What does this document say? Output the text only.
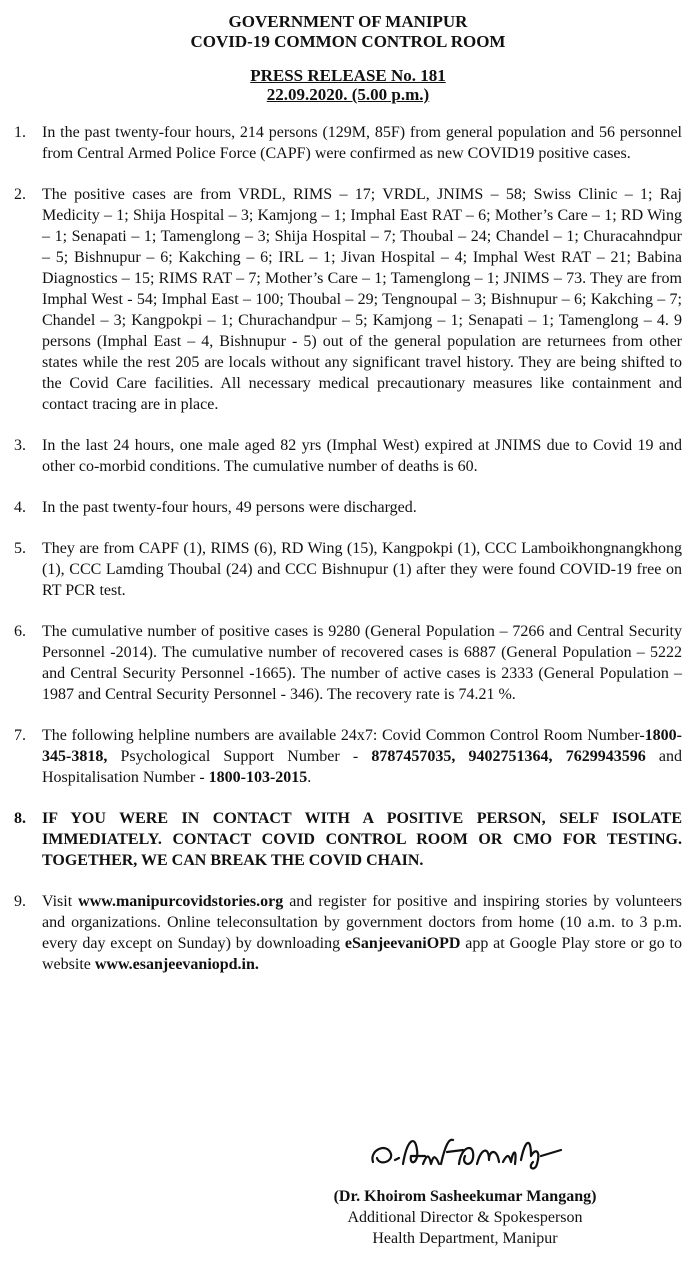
GOVERNMENT OF MANIPUR
COVID-19 COMMON CONTROL ROOM
PRESS RELEASE No. 181
22.09.2020. (5.00 p.m.)
1. In the past twenty-four hours, 214 persons (129M, 85F) from general population and 56 personnel from Central Armed Police Force (CAPF) were confirmed as new COVID19 positive cases.
2. The positive cases are from VRDL, RIMS – 17; VRDL, JNIMS – 58; Swiss Clinic – 1; Raj Medicity – 1; Shija Hospital – 3; Kamjong – 1; Imphal East RAT – 6; Mother’s Care – 1; RD Wing – 1; Senapati – 1; Tamenglong – 3; Shija Hospital – 7; Thoubal – 24; Chandel – 1; Churacahndpur – 5; Bishnupur – 6; Kakching – 6; IRL – 1; Jivan Hospital – 4; Imphal West RAT – 21; Babina Diagnostics – 15; RIMS RAT – 7; Mother’s Care – 1; Tamenglong – 1; JNIMS – 73. They are from Imphal West - 54; Imphal East – 100; Thoubal – 29; Tengnoupal – 3; Bishnupur – 6; Kakching – 7; Chandel – 3; Kangpokpi – 1; Churachandpur – 5; Kamjong – 1; Senapati – 1; Tamenglong – 4. 9 persons (Imphal East – 4, Bishnupur - 5) out of the general population are returnees from other states while the rest 205 are locals without any significant travel history. They are being shifted to the Covid Care facilities. All necessary medical precautionary measures like containment and contact tracing are in place.
3. In the last 24 hours, one male aged 82 yrs (Imphal West) expired at JNIMS due to Covid 19 and other co-morbid conditions. The cumulative number of deaths is 60.
4. In the past twenty-four hours, 49 persons were discharged.
5. They are from CAPF (1), RIMS (6), RD Wing (15), Kangpokpi (1), CCC Lamboikhongnangkhong (1), CCC Lamding Thoubal (24) and CCC Bishnupur (1) after they were found COVID-19 free on RT PCR test.
6. The cumulative number of positive cases is 9280 (General Population – 7266 and Central Security Personnel -2014). The cumulative number of recovered cases is 6887 (General Population – 5222 and Central Security Personnel -1665). The number of active cases is 2333 (General Population –1987 and Central Security Personnel - 346). The recovery rate is 74.21 %.
7. The following helpline numbers are available 24x7: Covid Common Control Room Number-1800-345-3818, Psychological Support Number - 8787457035, 9402751364, 7629943596 and Hospitalisation Number - 1800-103-2015.
8. IF YOU WERE IN CONTACT WITH A POSITIVE PERSON, SELF ISOLATE IMMEDIATELY. CONTACT COVID CONTROL ROOM OR CMO FOR TESTING. TOGETHER, WE CAN BREAK THE COVID CHAIN.
9. Visit www.manipurcovidstories.org and register for positive and inspiring stories by volunteers and organizations. Online teleconsultation by government doctors from home (10 a.m. to 3 p.m. every day except on Sunday) by downloading eSanjeevaniOPD app at Google Play store or go to website www.esanjeevaniopd.in.
(Dr. Khoirom Sasheekumar Mangang)
Additional Director & Spokesperson
Health Department, Manipur
